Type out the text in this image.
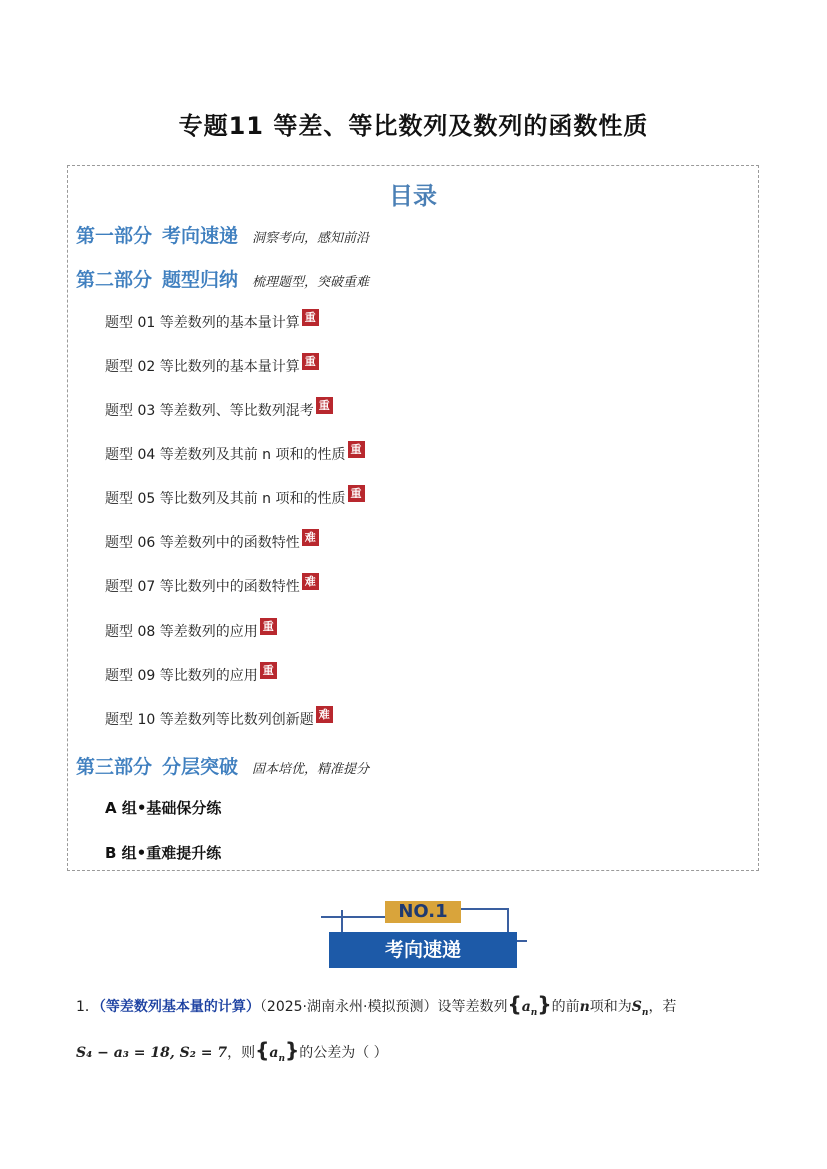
专题11 等差、等比数列及数列的函数性质
目录
第一部分 考向速递 洞察考向，感知前沿
第二部分 题型归纳 梳理题型，突破重难
题型 01 等差数列的基本量计算 重
题型 02 等比数列的基本量计算 重
题型 03 等差数列、等比数列混考 重
题型 04 等差数列及其前 n 项和的性质 重
题型 05 等比数列及其前 n 项和的性质 重
题型 06 等差数列中的函数特性 难
题型 07 等比数列中的函数特性 难
题型 08 等差数列的应用 重
题型 09 等比数列的应用 重
题型 10 等差数列等比数列创新题 难
第三部分 分层突破 固本培优，精准提分
A 组•基础保分练
B 组•重难提升练
NO.1
考向速递
1．（等差数列基本量的计算）（2025·湖南永州·模拟预测）设等差数列$\{a_n\}$的前n项和为$S_n$，若
S₄ − a₃ = 18, S₂ = 7，则$\{a_n\}$的公差为（ ）
